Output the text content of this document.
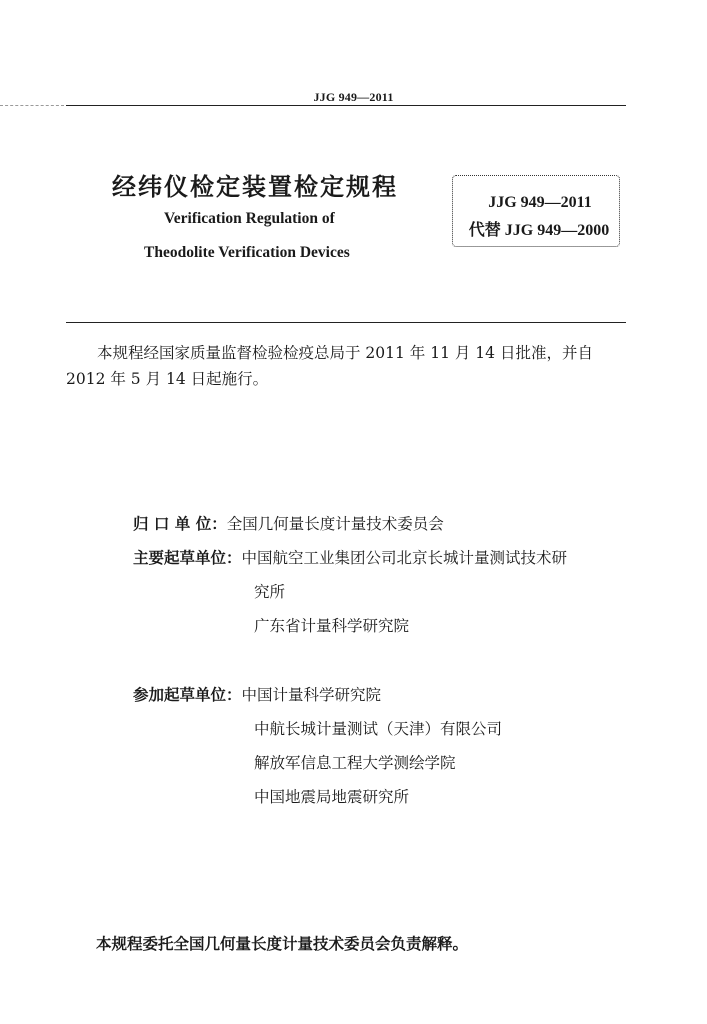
JJG 949—2011
经纬仪检定装置检定规程
Verification Regulation of
Theodolite Verification Devices
JJG 949—2011
代替 JJG 949—2000
本规程经国家质量监督检验检疫总局于 2011 年 11 月 14 日批准，并自 2012 年 5 月 14 日起施行。
归 口 单 位：全国几何量长度计量技术委员会
主要起草单位：中国航空工业集团公司北京长城计量测试技术研
究所
广东省计量科学研究院
参加起草单位：中国计量科学研究院
中航长城计量测试（天津）有限公司
解放军信息工程大学测绘学院
中国地震局地震研究所
本规程委托全国几何量长度计量技术委员会负责解释。
